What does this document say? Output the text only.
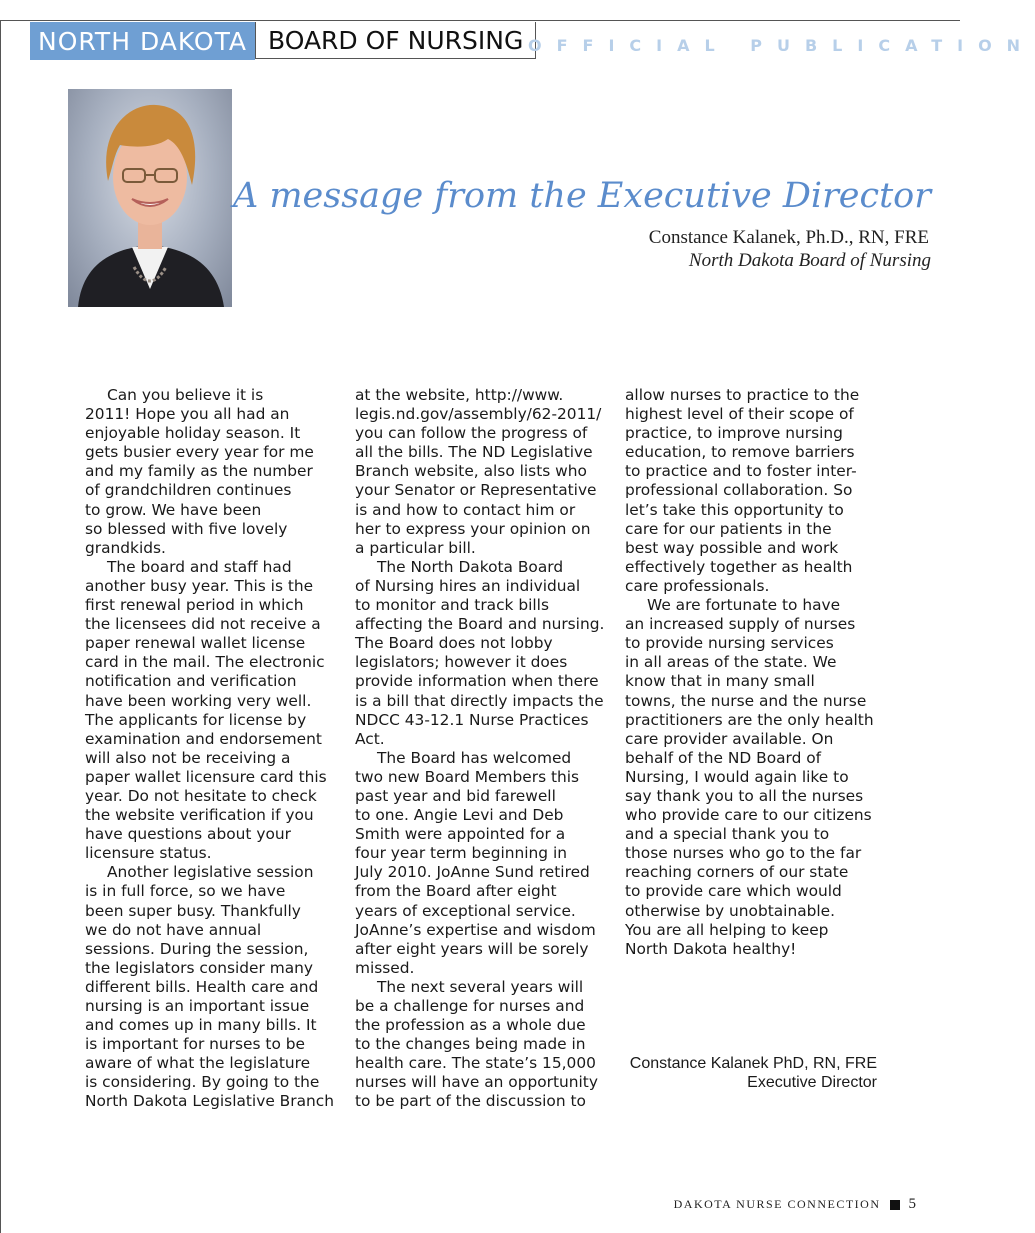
NORTH DAKOTA BOARD OF NURSING OFFICIAL PUBLICATION
A message from the Executive Director
Constance Kalanek, Ph.D., RN, FRE
North Dakota Board of Nursing
Can you believe it is
2011! Hope you all had an
enjoyable holiday season. It
gets busier every year for me
and my family as the number
of grandchildren continues
to grow. We have been
so blessed with five lovely
grandkids.
The board and staff had
another busy year. This is the
first renewal period in which
the licensees did not receive a
paper renewal wallet license
card in the mail. The electronic
notification and verification
have been working very well.
The applicants for license by
examination and endorsement
will also not be receiving a
paper wallet licensure card this
year. Do not hesitate to check
the website verification if you
have questions about your
licensure status.
Another legislative session
is in full force, so we have
been super busy. Thankfully
we do not have annual
sessions. During the session,
the legislators consider many
different bills. Health care and
nursing is an important issue
and comes up in many bills. It
is important for nurses to be
aware of what the legislature
is considering. By going to the
North Dakota Legislative Branch
at the website, http://www.
legis.nd.gov/assembly/62-2011/
you can follow the progress of
all the bills. The ND Legislative
Branch website, also lists who
your Senator or Representative
is and how to contact him or
her to express your opinion on
a particular bill.
The North Dakota Board
of Nursing hires an individual
to monitor and track bills
affecting the Board and nursing.
The Board does not lobby
legislators; however it does
provide information when there
is a bill that directly impacts the
NDCC 43-12.1 Nurse Practices
Act.
The Board has welcomed
two new Board Members this
past year and bid farewell
to one. Angie Levi and Deb
Smith were appointed for a
four year term beginning in
July 2010. JoAnne Sund retired
from the Board after eight
years of exceptional service.
JoAnne’s expertise and wisdom
after eight years will be sorely
missed.
The next several years will
be a challenge for nurses and
the profession as a whole due
to the changes being made in
health care. The state’s 15,000
nurses will have an opportunity
to be part of the discussion to
allow nurses to practice to the
highest level of their scope of
practice, to improve nursing
education, to remove barriers
to practice and to foster inter-
professional collaboration. So
let’s take this opportunity to
care for our patients in the
best way possible and work
effectively together as health
care professionals.
We are fortunate to have
an increased supply of nurses
to provide nursing services
in all areas of the state. We
know that in many small
towns, the nurse and the nurse
practitioners are the only health
care provider available. On
behalf of the ND Board of
Nursing, I would again like to
say thank you to all the nurses
who provide care to our citizens
and a special thank you to
those nurses who go to the far
reaching corners of our state
to provide care which would
otherwise by unobtainable.
You are all helping to keep
North Dakota healthy!
Constance Kalanek PhD, RN, FRE
Executive Director
DAKOTA NURSE CONNECTION 5
